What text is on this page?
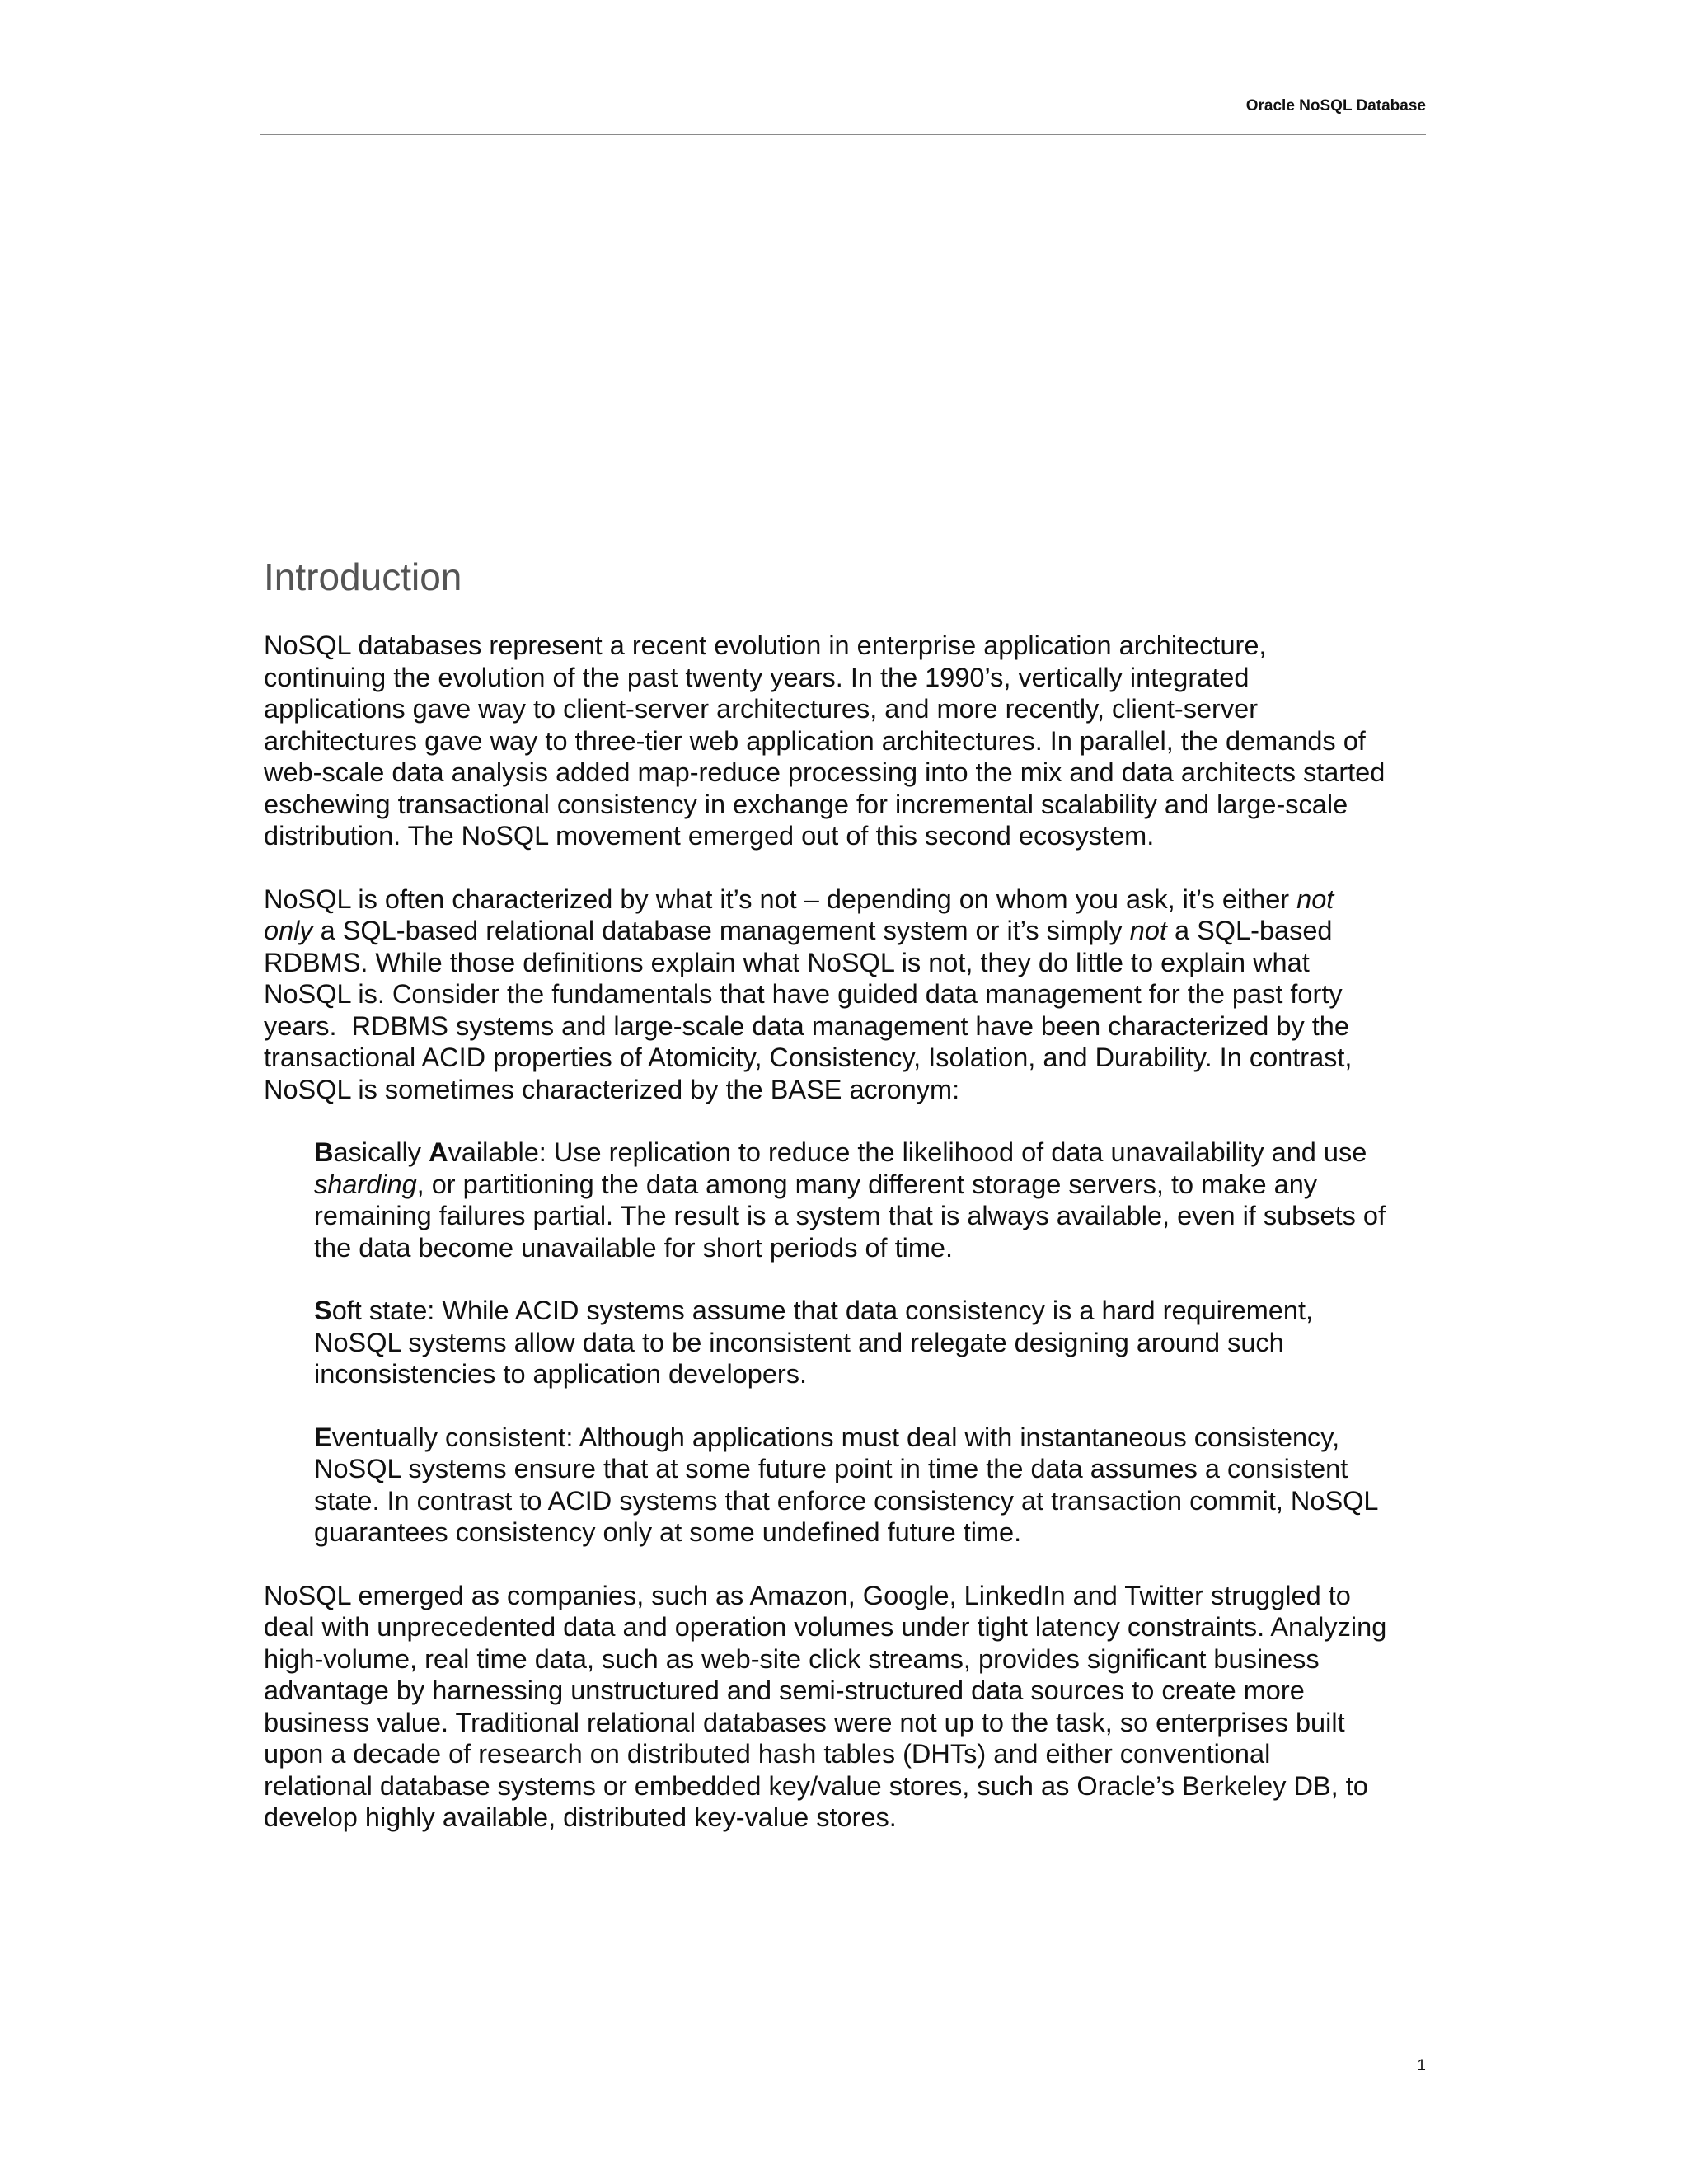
Oracle NoSQL Database
Introduction
NoSQL databases represent a recent evolution in enterprise application architecture,
continuing the evolution of the past twenty years. In the 1990’s, vertically integrated
applications gave way to client-server architectures, and more recently, client-server
architectures gave way to three-tier web application architectures. In parallel, the demands of
web-scale data analysis added map-reduce processing into the mix and data architects started
eschewing transactional consistency in exchange for incremental scalability and large-scale
distribution. The NoSQL movement emerged out of this second ecosystem.
NoSQL is often characterized by what it’s not – depending on whom you ask, it’s either not
only a SQL-based relational database management system or it’s simply not a SQL-based
RDBMS. While those definitions explain what NoSQL is not, they do little to explain what
NoSQL is. Consider the fundamentals that have guided data management for the past forty
years.  RDBMS systems and large-scale data management have been characterized by the
transactional ACID properties of Atomicity, Consistency, Isolation, and Durability. In contrast,
NoSQL is sometimes characterized by the BASE acronym:
Basically Available: Use replication to reduce the likelihood of data unavailability and use
sharding, or partitioning the data among many different storage servers, to make any
remaining failures partial. The result is a system that is always available, even if subsets of
the data become unavailable for short periods of time.
Soft state: While ACID systems assume that data consistency is a hard requirement,
NoSQL systems allow data to be inconsistent and relegate designing around such
inconsistencies to application developers.
Eventually consistent: Although applications must deal with instantaneous consistency,
NoSQL systems ensure that at some future point in time the data assumes a consistent
state. In contrast to ACID systems that enforce consistency at transaction commit, NoSQL
guarantees consistency only at some undefined future time.
NoSQL emerged as companies, such as Amazon, Google, LinkedIn and Twitter struggled to
deal with unprecedented data and operation volumes under tight latency constraints. Analyzing
high-volume, real time data, such as web-site click streams, provides significant business
advantage by harnessing unstructured and semi-structured data sources to create more
business value. Traditional relational databases were not up to the task, so enterprises built
upon a decade of research on distributed hash tables (DHTs) and either conventional
relational database systems or embedded key/value stores, such as Oracle’s Berkeley DB, to
develop highly available, distributed key-value stores.
1
